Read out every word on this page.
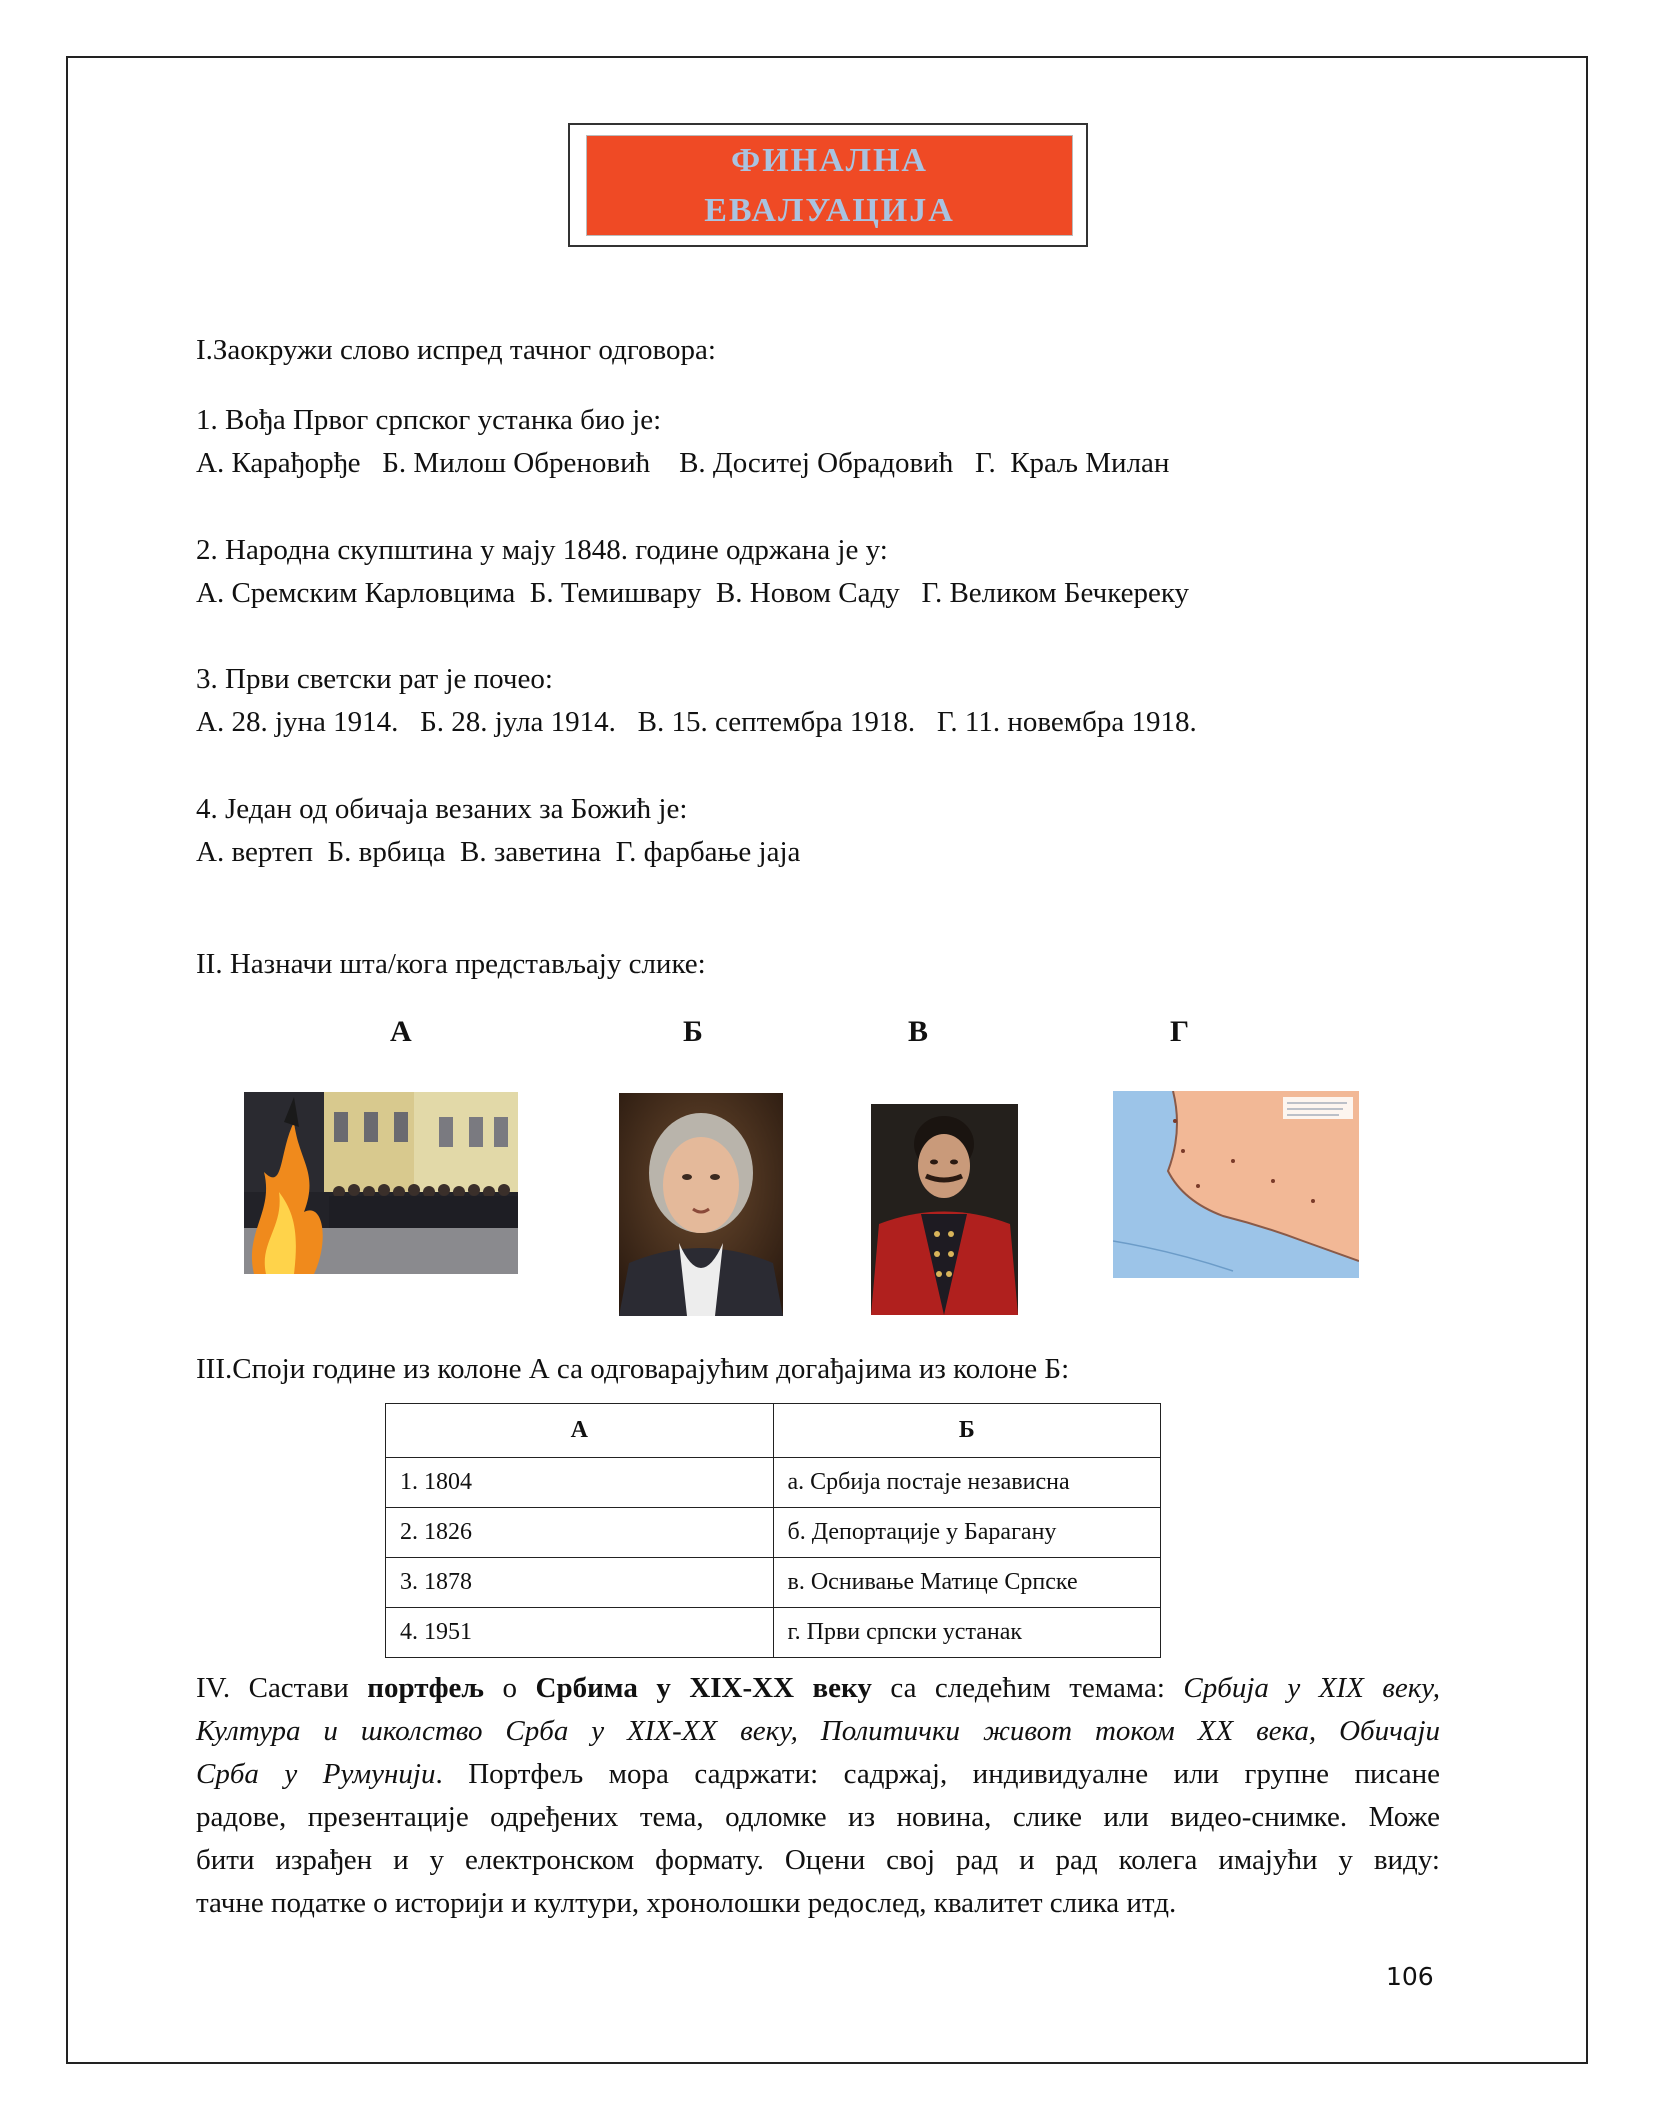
ФИНАЛНА
ЕВАЛУАЦИЈА
I.Заокружи слово испред тачног одговора:
1. Вођа Првог српског устанка био је:
А. Карађорђе   Б. Милош Обреновић    В. Доситеј Обрадовић   Г.  Краљ Милан
2. Народна скупштина у мају 1848. године одржана је у:
А. Сремским Карловцима  Б. Темишвару  В. Новом Саду   Г. Великом Бечкереку
3. Први светски рат је почео:
А. 28. јуна 1914.   Б. 28. јула 1914.   В. 15. септембра 1918.   Г. 11. новембра 1918.
4. Један од обичаја везаних за Божић је:
А. вертеп  Б. врбица  В. заветина  Г. фарбање јаја
II. Назначи шта/кога представљају слике:
А	Б	В	Г
III.Споји године из колоне А са одговарајућим догађајима из колоне Б:
А	Б
1. 1804	а. Србија постаје независна
2. 1826	б. Депортације у Барагану
3. 1878	в. Оснивање Матице Српске
4. 1951	г. Први српски устанак
IV. Састави портфељ о Србима у XIX-XX веку са следећим темама: Србија у XIX веку,
Култура и школство Срба у XIX-XX веку, Политички живот током XX века, Обичаји
Срба у Румунији. Портфељ мора садржати: садржај, индивидуалне или групне писане
радове, презентације одређених тема, одломке из новина, слике или видео-снимке. Може
бити израђен и у електронском формату. Оцени свој рад и рад колега имајући у виду:
тачне податке о историји и култури, хронолошки редослед, квалитет слика итд.
106
